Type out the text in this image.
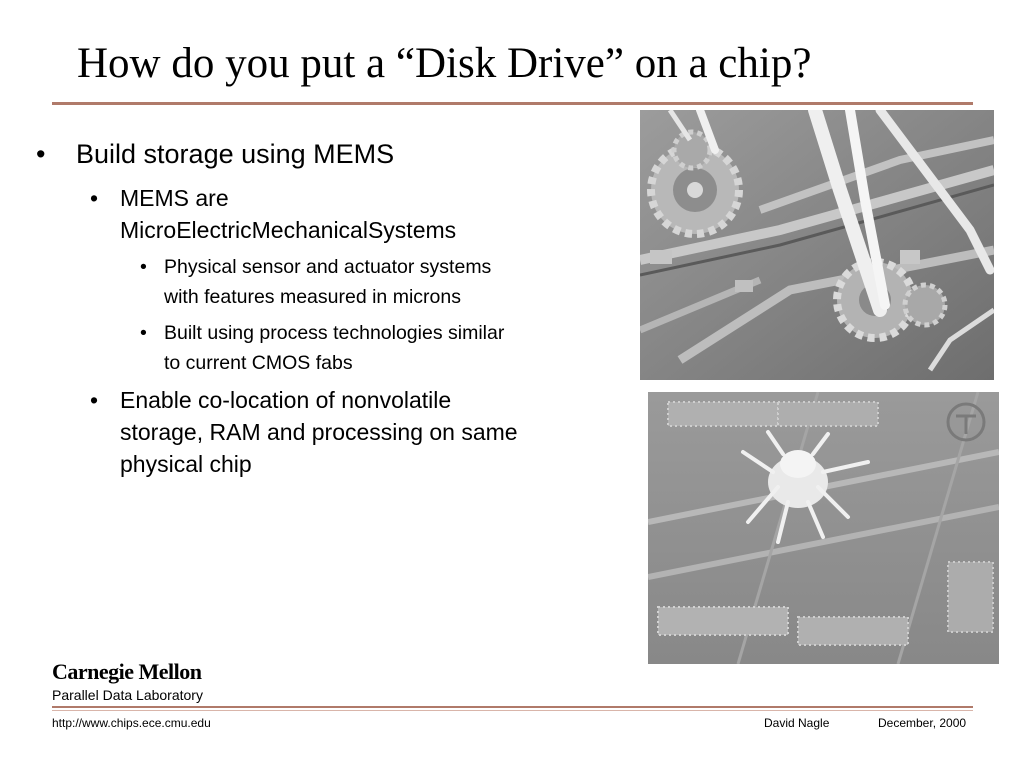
How do you put a “Disk Drive” on a chip?
• Build storage using MEMS
• MEMS are
MicroElectricMechanicalSystems
• Physical sensor and actuator systems
with features measured in microns
• Built using process technologies similar
to current CMOS fabs
• Enable co-location of nonvolatile
storage, RAM and processing on same
physical chip
Carnegie Mellon
Parallel Data Laboratory
http://www.chips.ece.cmu.edu	David Nagle	December, 2000
